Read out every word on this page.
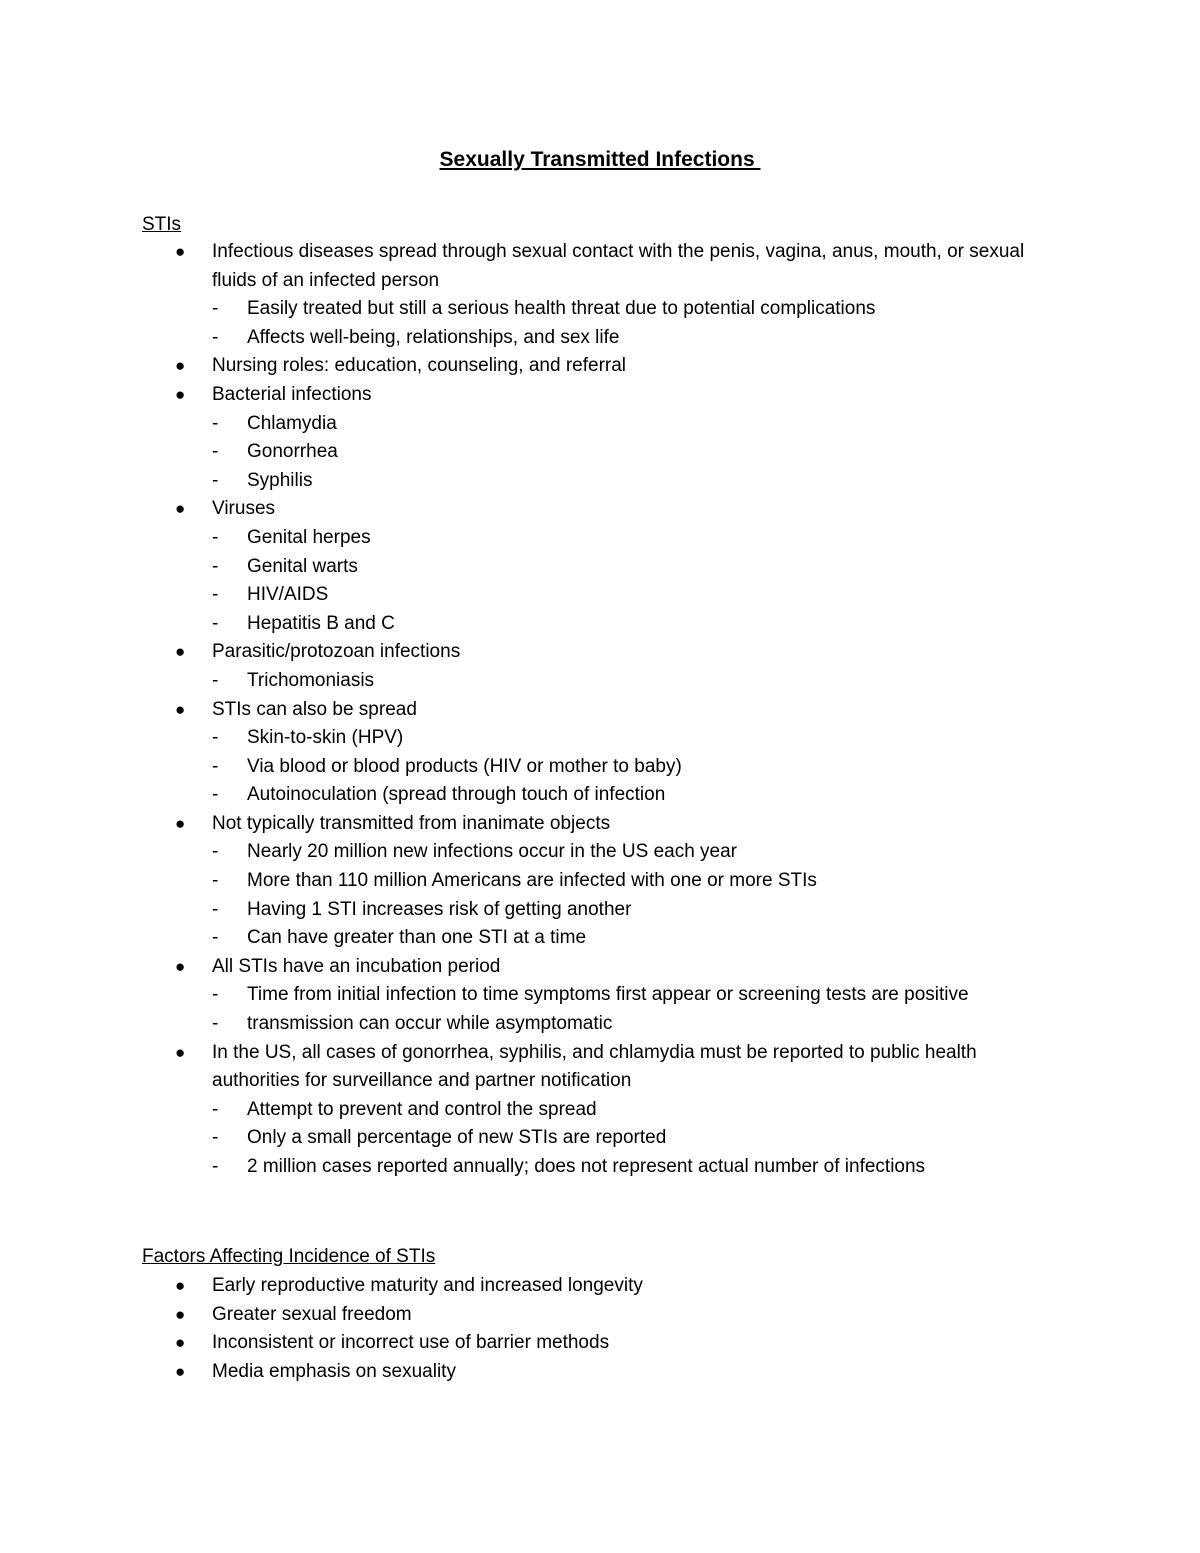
Sexually Transmitted Infections
STIs
● Infectious diseases spread through sexual contact with the penis, vagina, anus, mouth, or sexual fluids of an infected person
- Easily treated but still a serious health threat due to potential complications
- Affects well-being, relationships, and sex life
● Nursing roles: education, counseling, and referral
● Bacterial infections
- Chlamydia
- Gonorrhea
- Syphilis
● Viruses
- Genital herpes
- Genital warts
- HIV/AIDS
- Hepatitis B and C
● Parasitic/protozoan infections
- Trichomoniasis
● STIs can also be spread
- Skin-to-skin (HPV)
- Via blood or blood products (HIV or mother to baby)
- Autoinoculation (spread through touch of infection
● Not typically transmitted from inanimate objects
- Nearly 20 million new infections occur in the US each year
- More than 110 million Americans are infected with one or more STIs
- Having 1 STI increases risk of getting another
- Can have greater than one STI at a time
● All STIs have an incubation period
- Time from initial infection to time symptoms first appear or screening tests are positive
- transmission can occur while asymptomatic
● In the US, all cases of gonorrhea, syphilis, and chlamydia must be reported to public health authorities for surveillance and partner notification
- Attempt to prevent and control the spread
- Only a small percentage of new STIs are reported
- 2 million cases reported annually; does not represent actual number of infections
Factors Affecting Incidence of STIs
● Early reproductive maturity and increased longevity
● Greater sexual freedom
● Inconsistent or incorrect use of barrier methods
● Media emphasis on sexuality
